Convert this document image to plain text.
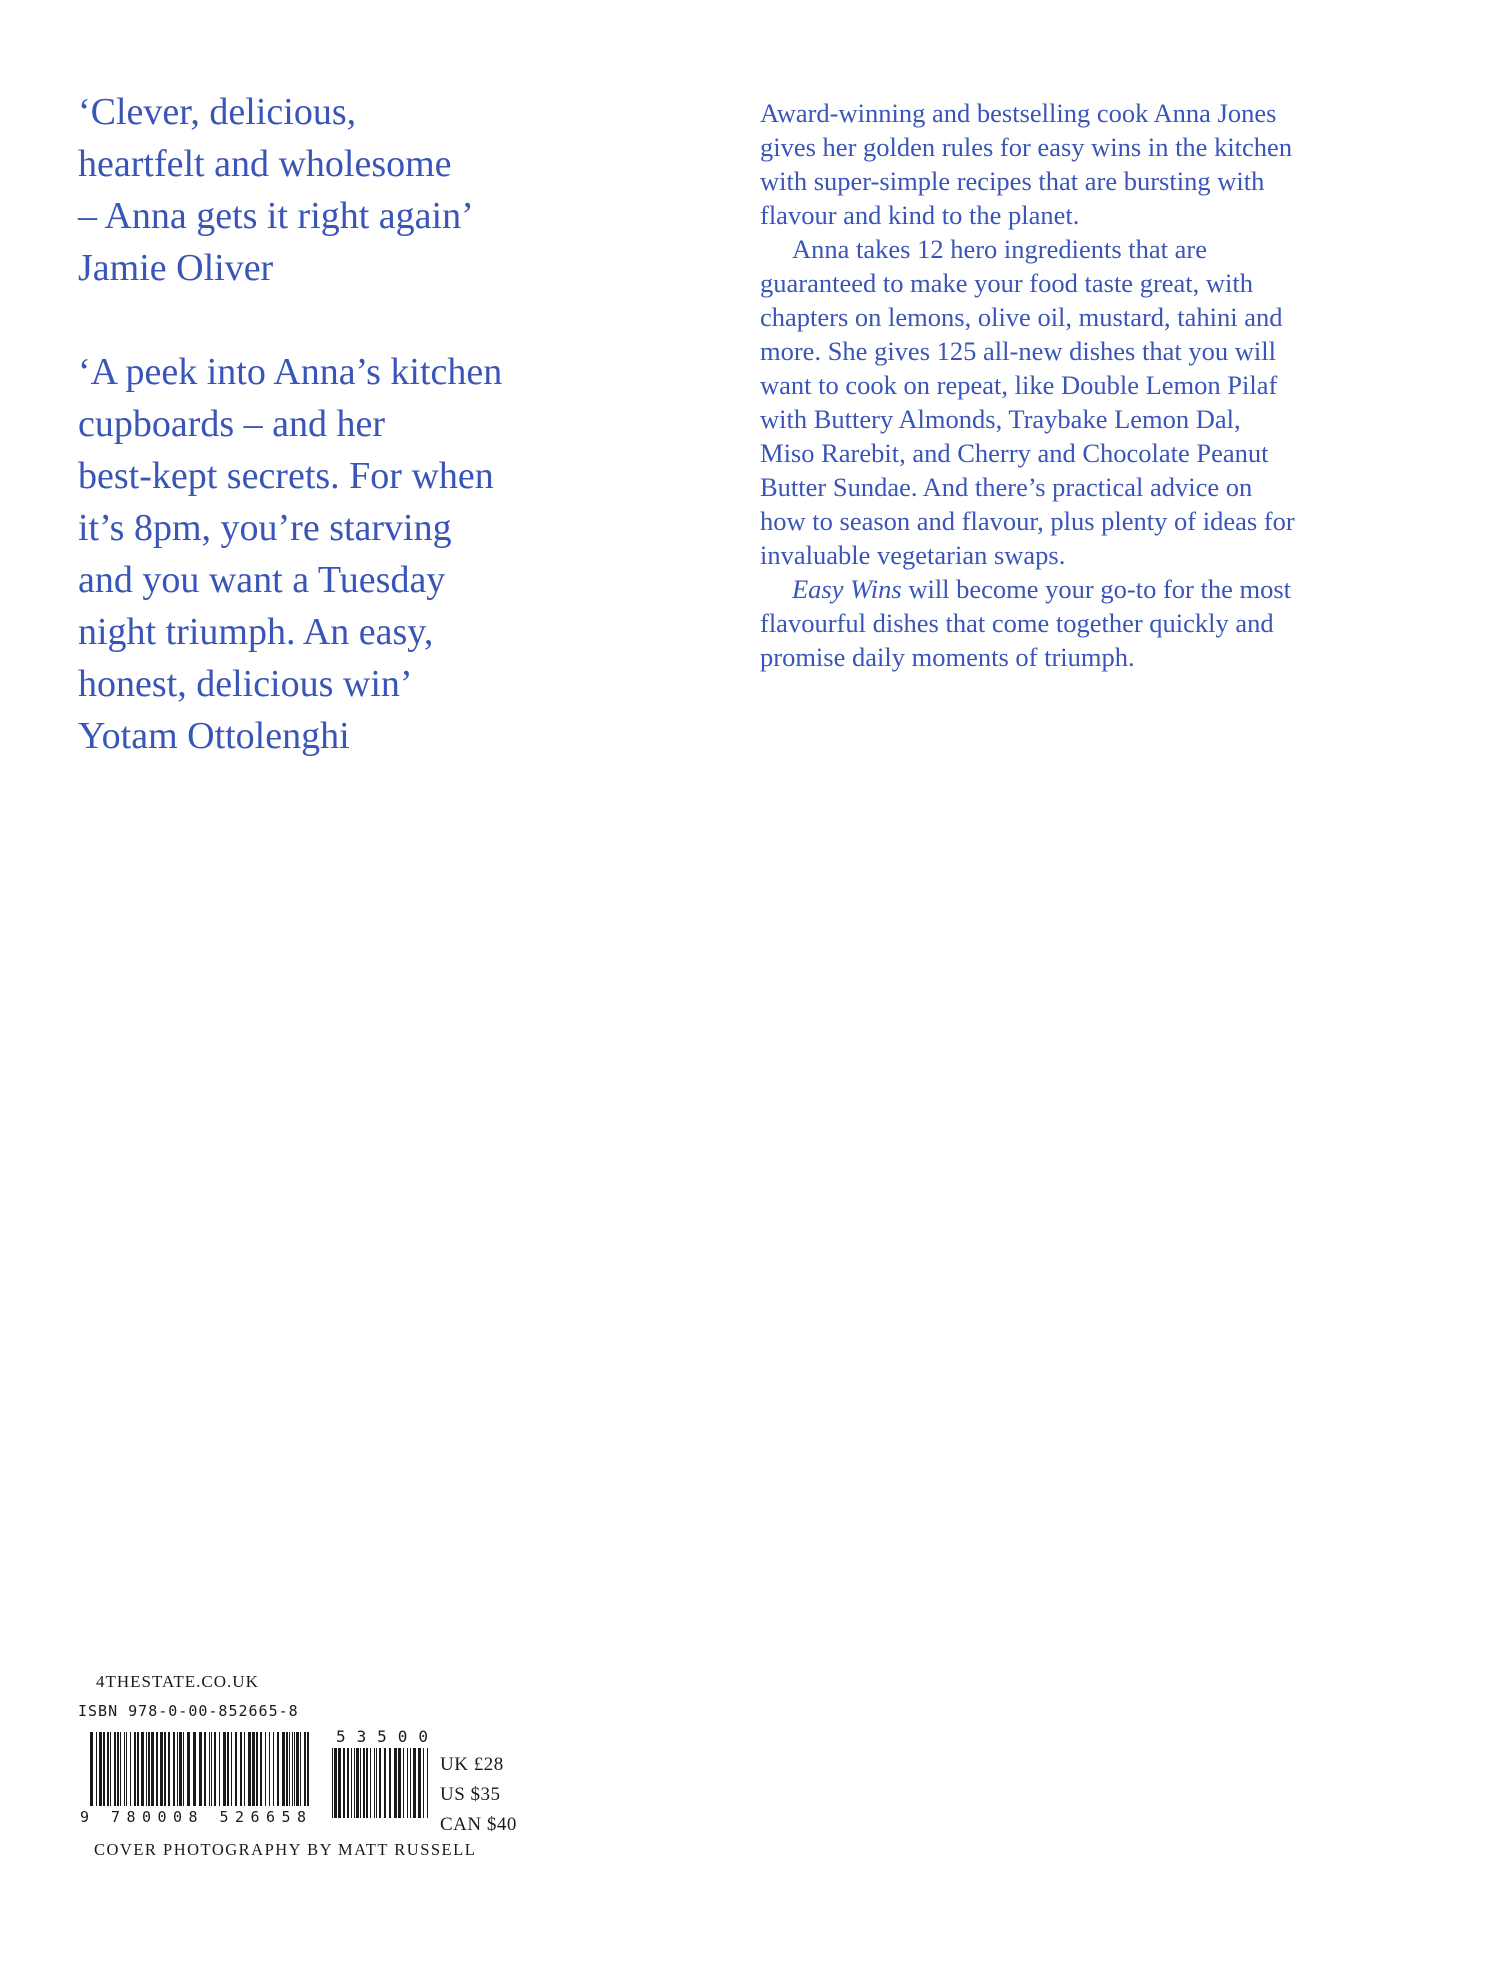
‘Clever, delicious,
heartfelt and wholesome
– Anna gets it right again’
Jamie Oliver

‘A peek into Anna’s kitchen
cupboards – and her
best-kept secrets. For when
it’s 8pm, you’re starving
and you want a Tuesday
night triumph. An easy,
honest, delicious win’
Yotam Ottolenghi

Award-winning and bestselling cook Anna Jones
gives her golden rules for easy wins in the kitchen
with super-simple recipes that are bursting with
flavour and kind to the planet.
Anna takes 12 hero ingredients that are
guaranteed to make your food taste great, with
chapters on lemons, olive oil, mustard, tahini and
more. She gives 125 all-new dishes that you will
want to cook on repeat, like Double Lemon Pilaf
with Buttery Almonds, Traybake Lemon Dal,
Miso Rarebit, and Cherry and Chocolate Peanut
Butter Sundae. And there’s practical advice on
how to season and flavour, plus plenty of ideas for
invaluable vegetarian swaps.
Easy Wins will become your go-to for the most
flavourful dishes that come together quickly and
promise daily moments of triumph.
4THESTATE.CO.UK
ISBN 978-0-00-852665-8
9 780008 526658
53500
UK £28
US $35
CAN $40
COVER PHOTOGRAPHY BY MATT RUSSELL
